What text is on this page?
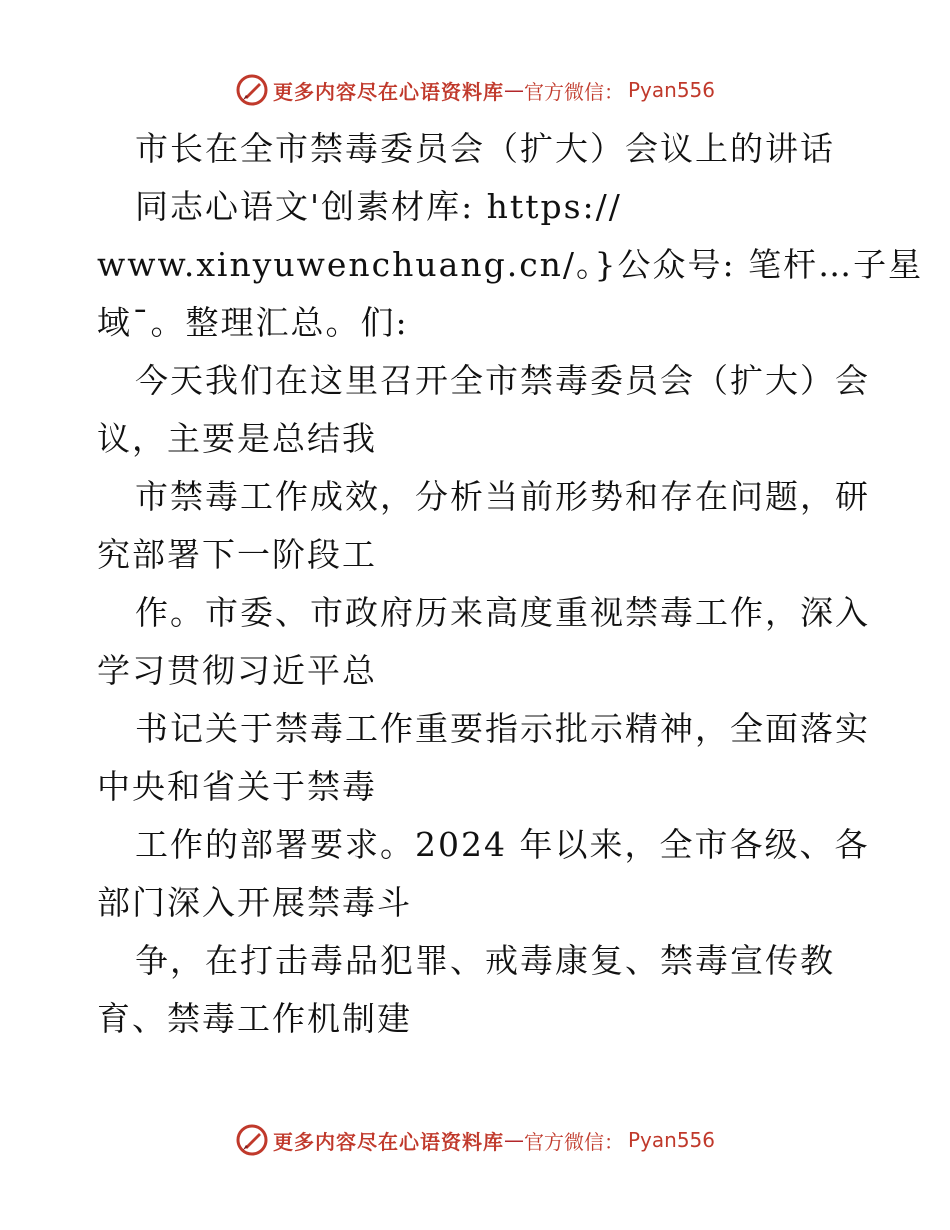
更多内容尽在心语资料库 — 官方微信： Pyan556
市长在全市禁毒委员会（扩大）会议上的讲话
同志心语文'创素材库: https://
www.xinyuwenchuang.cn/。}公众号: 笔杆…子星
域¯。整理汇总。们:
今天我们在这里召开全市禁毒委员会（扩大）会
议，主要是总结我
市禁毒工作成效，分析当前形势和存在问题，研
究部署下一阶段工
作。市委、市政府历来高度重视禁毒工作，深入
学习贯彻习近平总
书记关于禁毒工作重要指示批示精神，全面落实
中央和省关于禁毒
工作的部署要求。2024 年以来，全市各级、各
部门深入开展禁毒斗
争，在打击毒品犯罪、戒毒康复、禁毒宣传教
育、禁毒工作机制建
更多内容尽在心语资料库 — 官方微信： Pyan556
